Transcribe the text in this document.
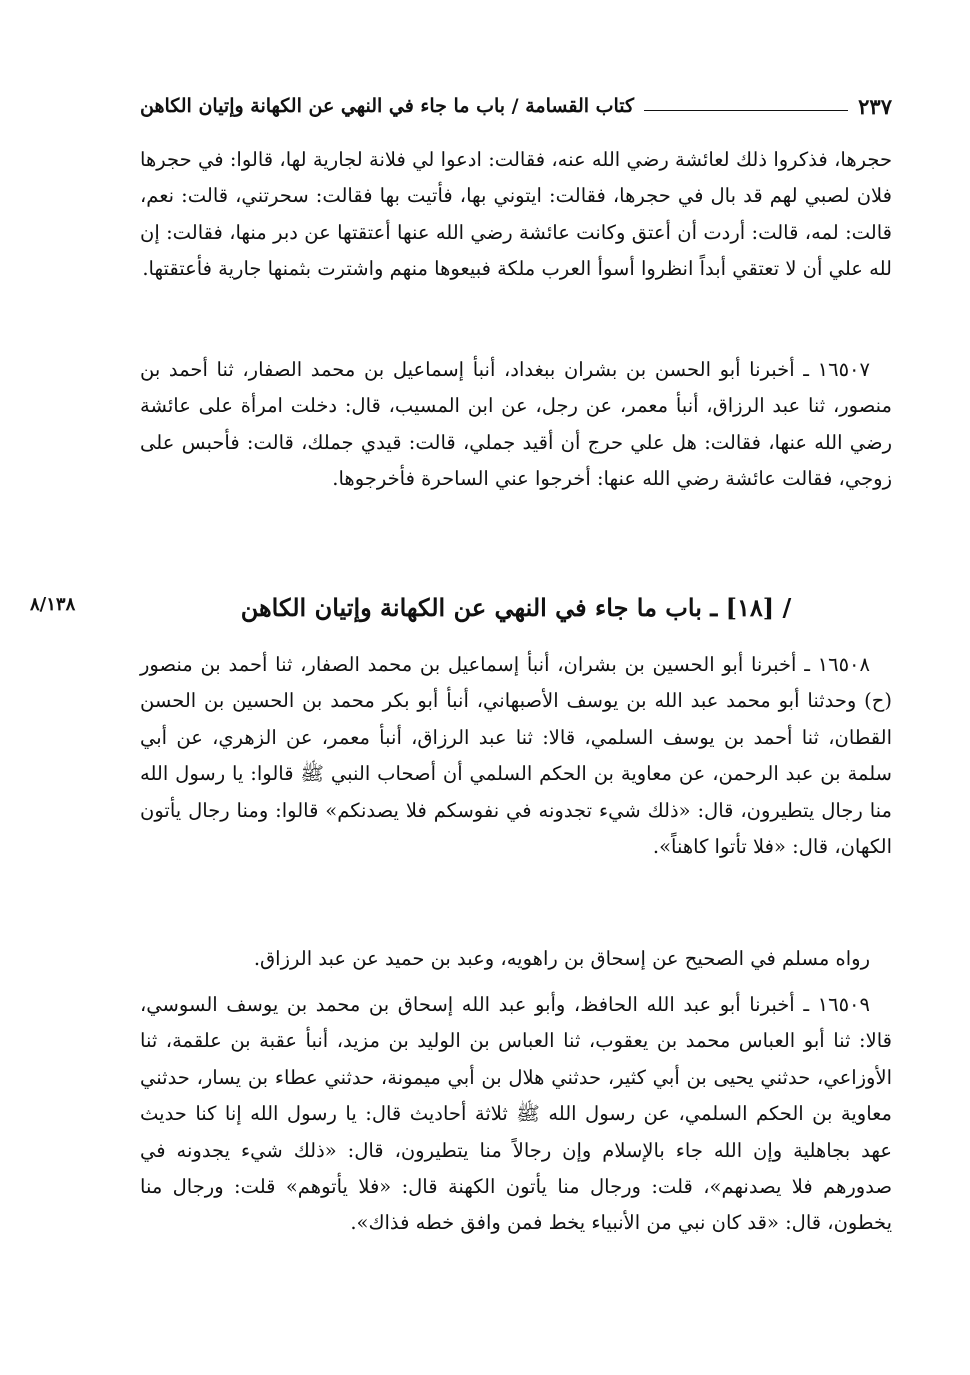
كتاب القسامة / باب ما جاء في النهي عن الكهانة وإتيان الكاهن	٢٣٧

حجرها، فذكروا ذلك لعائشة رضي الله عنه، فقالت: ادعوا لي فلانة لجارية لها، قالوا: في حجرها فلان لصبي لهم قد بال في حجرها، فقالت: ايتوني بها، فأتيت بها فقالت: سحرتني، قالت: نعم، قالت: لمه، قالت: أردت أن أعتق وكانت عائشة رضي الله عنها أعتقتها عن دبر منها، فقالت: إن لله علي أن لا تعتقي أبداً انظروا أسوأ العرب ملكة فبيعوها منهم واشترت بثمنها جارية فأعتقتها.

١٦٥٠٧ ـ أخبرنا أبو الحسن بن بشران ببغداد، أنبأ إسماعيل بن محمد الصفار، ثنا أحمد بن منصور، ثنا عبد الرزاق، أنبأ معمر، عن رجل، عن ابن المسيب، قال: دخلت امرأة على عائشة رضي الله عنها، فقالت: هل علي حرج أن أقيد جملي، قالت: قيدي جملك، قالت: فأحبس على زوجي، فقالت عائشة رضي الله عنها: أخرجوا عني الساحرة فأخرجوها.

/ [١٨] ـ باب ما جاء في النهي عن الكهانة وإتيان الكاهن
٨/١٣٨

١٦٥٠٨ ـ أخبرنا أبو الحسين بن بشران، أنبأ إسماعيل بن محمد الصفار، ثنا أحمد بن منصور (ح) وحدثنا أبو محمد عبد الله بن يوسف الأصبهاني، أنبأ أبو بكر محمد بن الحسين بن الحسن القطان، ثنا أحمد بن يوسف السلمي، قالا: ثنا عبد الرزاق، أنبأ معمر، عن الزهري، عن أبي سلمة بن عبد الرحمن، عن معاوية بن الحكم السلمي أن أصحاب النبي ﷺ قالوا: يا رسول الله منا رجال يتطيرون، قال: «ذلك شيء تجدونه في نفوسكم فلا يصدنكم» قالوا: ومنا رجال يأتون الكهان، قال: «فلا تأتوا كاهناً».

رواه مسلم في الصحيح عن إسحاق بن راهويه، وعبد بن حميد عن عبد الرزاق.

١٦٥٠٩ ـ أخبرنا أبو عبد الله الحافظ، وأبو عبد الله إسحاق بن محمد بن يوسف السوسي، قالا: ثنا أبو العباس محمد بن يعقوب، ثنا العباس بن الوليد بن مزيد، أنبأ عقبة بن علقمة، ثنا الأوزاعي، حدثني يحيى بن أبي كثير، حدثني هلال بن أبي ميمونة، حدثني عطاء بن يسار، حدثني معاوية بن الحكم السلمي، عن رسول الله ﷺ ثلاثة أحاديث قال: يا رسول الله إنا كنا حديث عهد بجاهلية وإن الله جاء بالإسلام وإن رجالاً منا يتطيرون، قال: «ذلك شيء يجدونه في صدورهم فلا يصدنهم»، قلت: ورجال منا يأتون الكهنة قال: «فلا يأتوهم» قلت: ورجال منا يخطون، قال: «قد كان نبي من الأنبياء يخط فمن وافق خطه فذاك».
